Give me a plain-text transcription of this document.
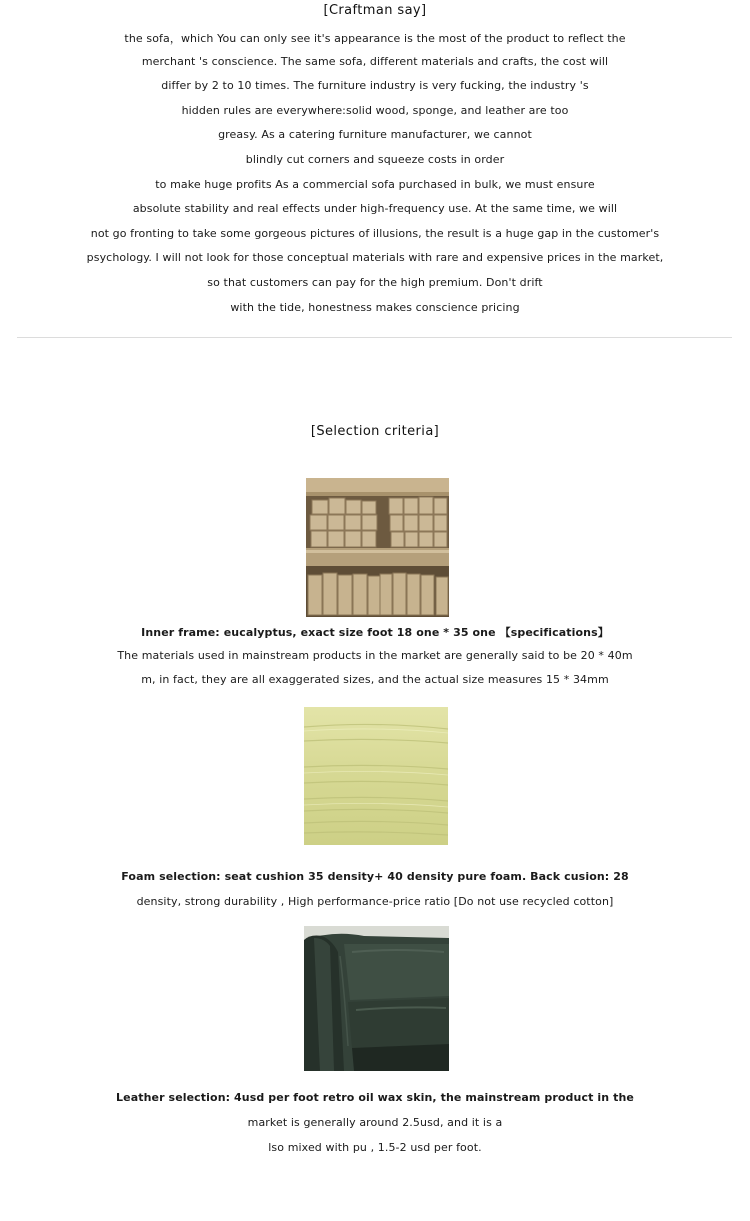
[Craftman say]
the sofa，which You can only see it's appearance is the most of the product to reflect the
merchant 's conscience. The same sofa, different materials and crafts, the cost will
differ by 2 to 10 times. The furniture industry is very fucking, the industry 's
hidden rules are everywhere:solid wood, sponge, and leather are too
greasy. As a catering furniture manufacturer, we cannot
blindly cut corners and squeeze costs in order
to make huge profits As a commercial sofa purchased in bulk, we must ensure
absolute stability and real effects under high-frequency use. At the same time, we will
not go fronting to take some gorgeous pictures of illusions, the result is a huge gap in the customer's
psychology. I will not look for those conceptual materials with rare and expensive prices in the market,
so that customers can pay for the high premium. Don't drift
with the tide, honestness makes conscience pricing
[Selection criteria]
Inner frame: eucalyptus, exact size foot 18 one * 35 one 【specifications】
The materials used in mainstream products in the market are generally said to be 20 * 40m
m, in fact, they are all exaggerated sizes, and the actual size measures 15 * 34mm
Foam selection: seat cushion 35 density+ 40 density pure foam. Back cusion: 28
density, strong durability , High performance-price ratio [Do not use recycled cotton]
Leather selection: 4usd per foot retro oil wax skin, the mainstream product in the
market is generally around 2.5usd, and it is a
lso mixed with pu , 1.5-2 usd per foot.
